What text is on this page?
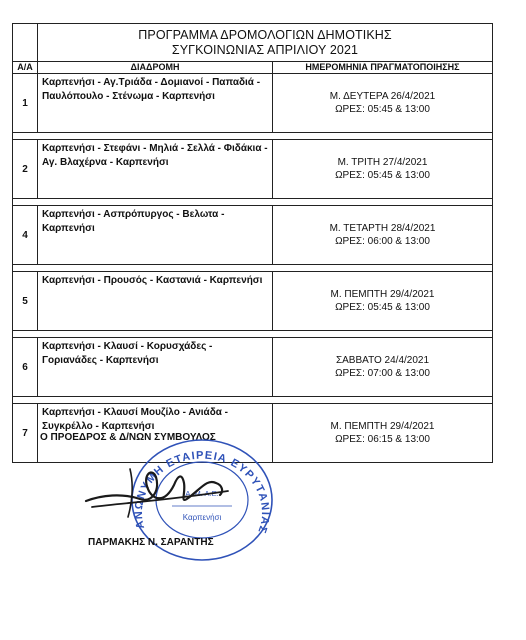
	ΠΡΟΓΡΑΜΜΑ ΔΡΟΜΟΛΟΓΙΩΝ ΔΗΜΟΤΙΚΗΣ
ΣΥΓΚΟΙΝΩΝΙΑΣ ΑΠΡΙΛΙΟΥ 2021	

Α/Α	ΔΙΑΔΡΟΜΗ	ΗΜΕΡΟΜΗΝΙΑ ΠΡΑΓΜΑΤΟΠΟΙΗΣΗΣ
1	Καρπενήσι - Αγ.Τριάδα - Δομιανοί - Παπαδιά - Παυλόπουλο - Στένωμα - Καρπενήσι	Μ. ΔΕΥΤΕΡΑ 26/4/2021
ΩΡΕΣ: 05:45 & 13:00

2	Καρπενήσι - Στεφάνι - Μηλιά - Σελλά - Φιδάκια - Αγ. Βλαχέρνα - Καρπενήσι	Μ. ΤΡΙΤΗ 27/4/2021
ΩΡΕΣ: 05:45 & 13:00

4	Καρπενήσι - Ασπρόπυργος - Βελωτα - Καρπενήσι	Μ. ΤΕΤΑΡΤΗ 28/4/2021
ΩΡΕΣ: 06:00 & 13:00

5	Καρπενήσι - Προυσός - Καστανιά - Καρπενήσι	Μ. ΠΕΜΠΤΗ 29/4/2021
ΩΡΕΣ: 05:45 & 13:00

6	Καρπενήσι - Κλαυσί - Κορυσχάδες - Γοριανάδες - Καρπενήσι	ΣΑΒΒΑΤΟ 24/4/2021
ΩΡΕΣ: 07:00 & 13:00

7	Καρπενήσι - Κλαυσί Μουζίλο - Ανιάδα - Συγκρέλλο - Καρπενήσι	Μ. ΠΕΜΠΤΗ 29/4/2021
ΩΡΕΣ: 06:15 & 13:00
Ο ΠΡΟΕΔΡΟΣ & Δ/ΝΩΝ ΣΥΜΒΟΥΛΟΣ
ΑΝΩΝΥΜΗ ΕΤΑΙΡΕΙΑ ΕΥΡΥΤΑΝΙΑΣ
Α. Μ. Α.Ε.
Καρπενήσι
ΠΑΡΜΑΚΗΣ Ν. ΣΑΡΑΝΤΗΣ
